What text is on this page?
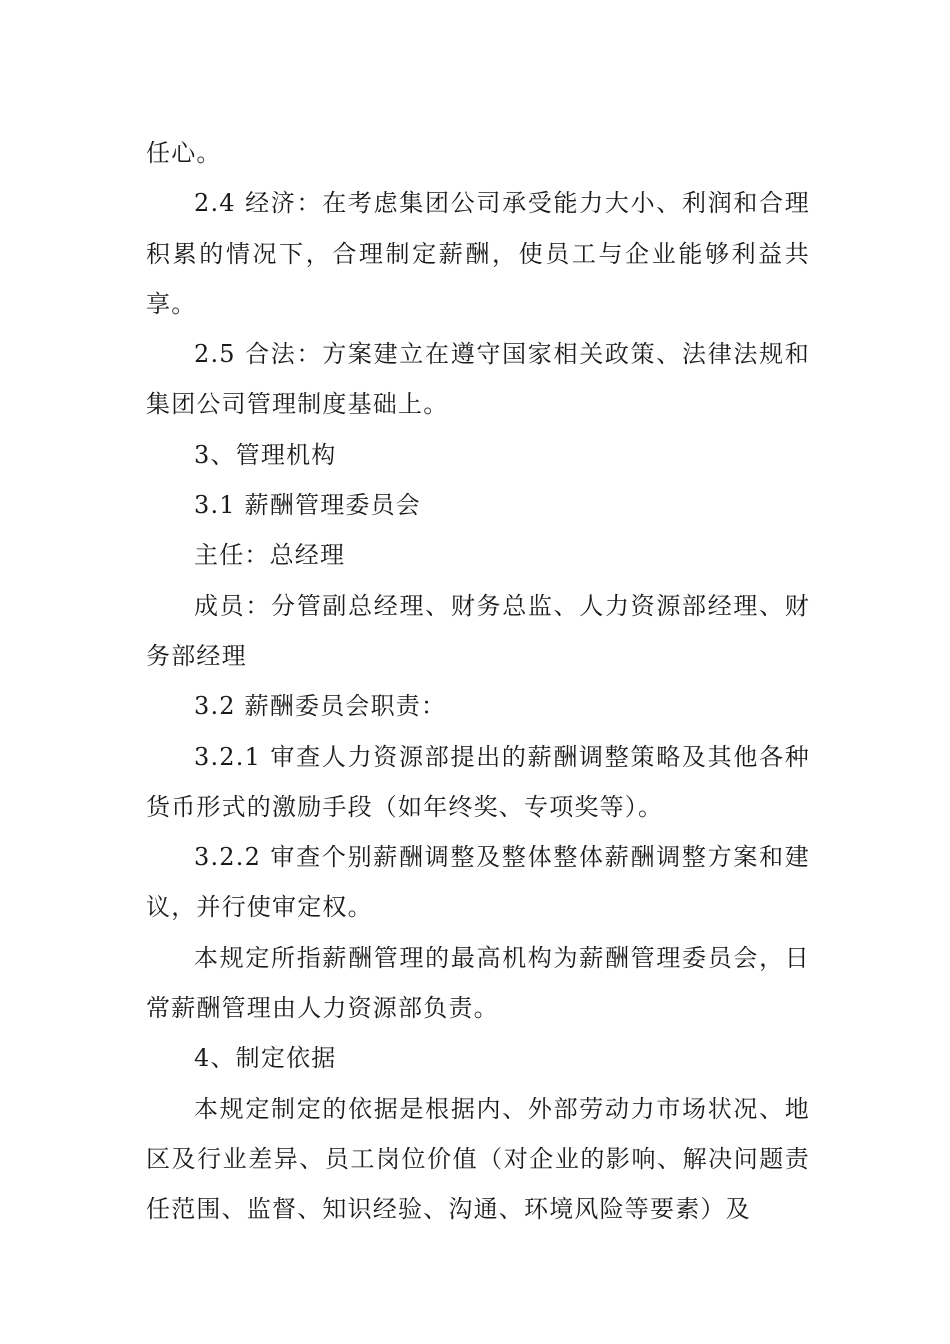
任心。

2.4 经济：在考虑集团公司承受能力大小、利润和合理积累的情况下，合理制定薪酬，使员工与企业能够利益共享。

2.5 合法：方案建立在遵守国家相关政策、法律法规和集团公司管理制度基础上。

3、管理机构

3.1 薪酬管理委员会

主任：总经理

成员：分管副总经理、财务总监、人力资源部经理、财务部经理

3.2 薪酬委员会职责：

3.2.1 审查人力资源部提出的薪酬调整策略及其他各种货币形式的激励手段（如年终奖、专项奖等）。

3.2.2 审查个别薪酬调整及整体整体薪酬调整方案和建议，并行使审定权。

本规定所指薪酬管理的最高机构为薪酬管理委员会，日常薪酬管理由人力资源部负责。

4、制定依据

本规定制定的依据是根据内、外部劳动力市场状况、地区及行业差异、员工岗位价值（对企业的影响、解决问题责任范围、监督、知识经验、沟通、环境风险等要素）及
